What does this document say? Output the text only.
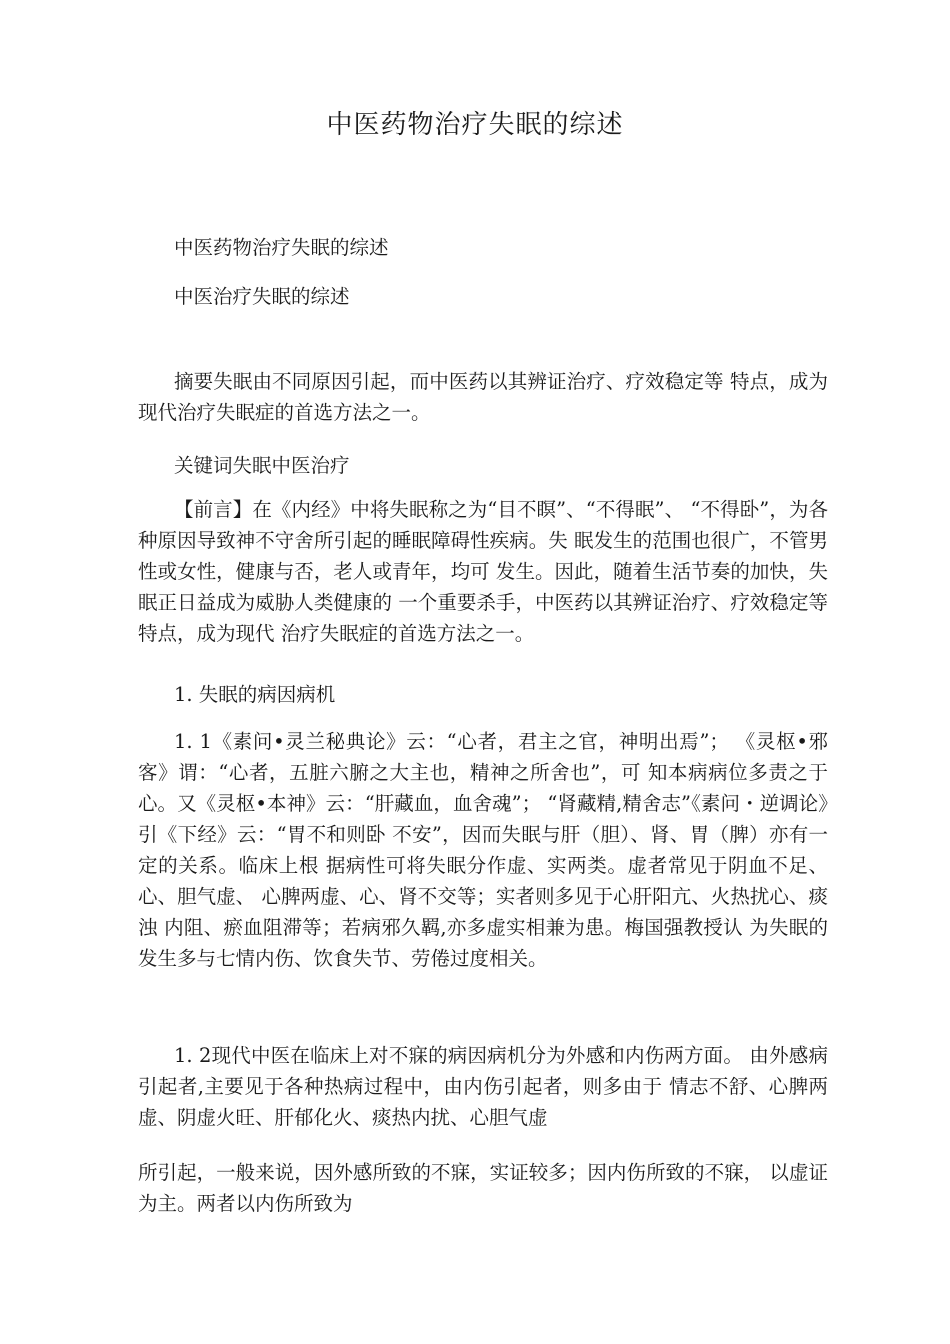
中医药物治疗失眠的综述
中医药物治疗失眠的综述
中医治疗失眠的综述
摘要失眠由不同原因引起，而中医药以其辨证治疗、疗效稳定等 特点，成为现代治疗失眠症的首选方法之一。
关键词失眠中医治疗
【前言】在《内经》中将失眠称之为“目不瞑”、“不得眠”、 “不得卧”，为各种原因导致神不守舍所引起的睡眠障碍性疾病。失 眠发生的范围也很广，不管男性或女性，健康与否，老人或青年，均可 发生。因此，随着生活节奏的加快，失眠正日益成为威胁人类健康的 一个重要杀手，中医药以其辨证治疗、疗效稳定等特点，成为现代 治疗失眠症的首选方法之一。
1. 失眠的病因病机
1. 1《素问•灵兰秘典论》云：“心者，君主之官，神明出焉”； 《灵枢•邪客》谓：“心者，五脏六腑之大主也，精神之所舍也”，可 知本病病位多责之于心。又《灵枢•本神》云：“肝藏血，血舍魂”； “肾藏精,精舍志”《素问・逆调论》引《下经》云：“胃不和则卧 不安”，因而失眠与肝（胆）、肾、胃（脾）亦有一定的关系。临床上根 据病性可将失眠分作虚、实两类。虚者常见于阴血不足、心、胆气虚、 心脾两虚、心、肾不交等；实者则多见于心肝阳亢、火热扰心、痰浊 内阻、瘀血阻滞等；若病邪久羁,亦多虚实相兼为患。梅国强教授认 为失眠的发生多与七情内伤、饮食失节、劳倦过度相关。
1. 2现代中医在临床上对不寐的病因病机分为外感和内伤两方面。 由外感病引起者,主要见于各种热病过程中，由内伤引起者，则多由于 情志不舒、心脾两虚、阴虚火旺、肝郁化火、痰热内扰、心胆气虚
所引起，一般来说，因外感所致的不寐，实证较多；因内伤所致的不寐， 以虚证为主。两者以内伤所致为
